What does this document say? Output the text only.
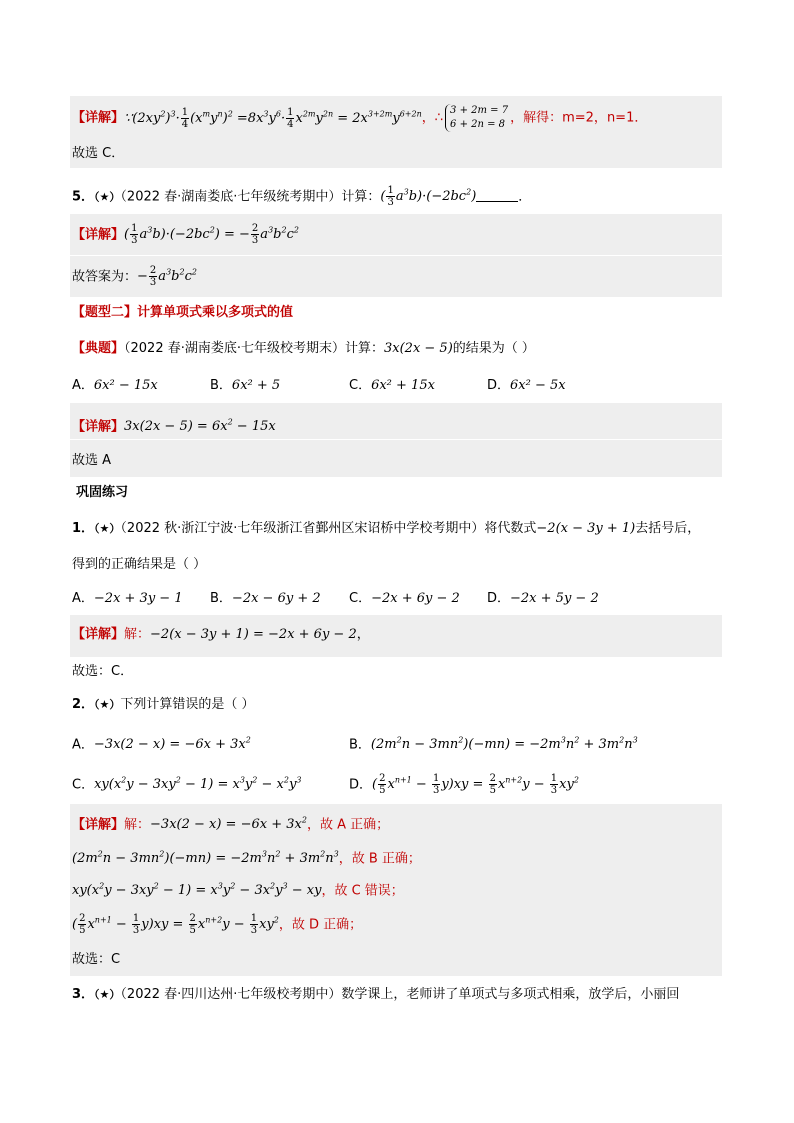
【详解】$\because(2xy^2)^3\cdot \frac{1}{4} (x^my^n)^2 =8x^3y^6\cdot \frac{1}{4} x^{2m}y^{2n} = 2x^{3+2m}y^{6+2n}$，∴ 3 + 2m = 7
6 + 2n = 8 ，解得：m=2，n=1．
故选 C．
5．（★）（2022 春·湖南娄底·七年级统考期中）计算：( $\frac{1}{3} a^3b)\cdot(-2bc^2)$	．
【详解】( $\frac{1}{3} a^3b)\cdot(-2bc^2)$ = − $\frac{2}{3} a^3b^2c^2$
故答案为：− $\frac{2}{3} a^3b^2c^2$
【题型二】计算单项式乘以多项式的值
【典题】（2022 春·湖南娄底·七年级校考期末）计算：3x(2x − 5)的结果为（ ）
A．6x² − 15x	B．6x² + 5	C．6x² + 15x	D．6x² − 5x
【详解】$3x(2x - 5) = 6x^2 - 15x$
故选 A
巩固练习
1．（★）（2022 秋·浙江宁波·七年级浙江省鄞州区宋诏桥中学校考期中）将代数式−2(x − 3y + 1)去括号后，
得到的正确结果是（ ）
A．−2x + 3y − 1 B．−2x − 6y + 2 C．−2x + 6y − 2 D．−2x + 5y − 2
【详解】解：−2(x − 3y + 1) = −2x + 6y − 2，
故选：C．
2．（★）下列计算错误的是（ ）
A．$-3x(2 - x) = -6x + 3x^2$	B．$(2m^2n - 3mn^2)(-mn) = -2m^3n^2 + 3m^2n^3$
C．$xy(x^2y - 3xy^2 - 1) = x^3y^2 - x^2y^3$	D．( $\frac{2}{5} x^{n+1} - \frac{1}{3} y)xy = \frac{2}{5} x^{n+2}y - \frac{1}{3} xy^2$
【详解】解：$-3x(2 - x) = -6x + 3x^2$，故 A 正确；
$(2m^2n - 3mn^2)(-mn) = -2m^3n^2 + 3m^2n^3$，故 B 正确；
$xy(x^2y - 3xy^2 - 1) = x^3y^2 - 3x^2y^3$ − xy，故 C 错误；
( $\frac{2}{5} x^{n+1} - \frac{1}{3} y)xy = \frac{2}{5} x^{n+2}y - \frac{1}{3} xy^2$，故 D 正确；
故选：C
3．（★）（2022 春·四川达州·七年级校考期中）数学课上，老师讲了单项式与多项式相乘，放学后，小丽回
